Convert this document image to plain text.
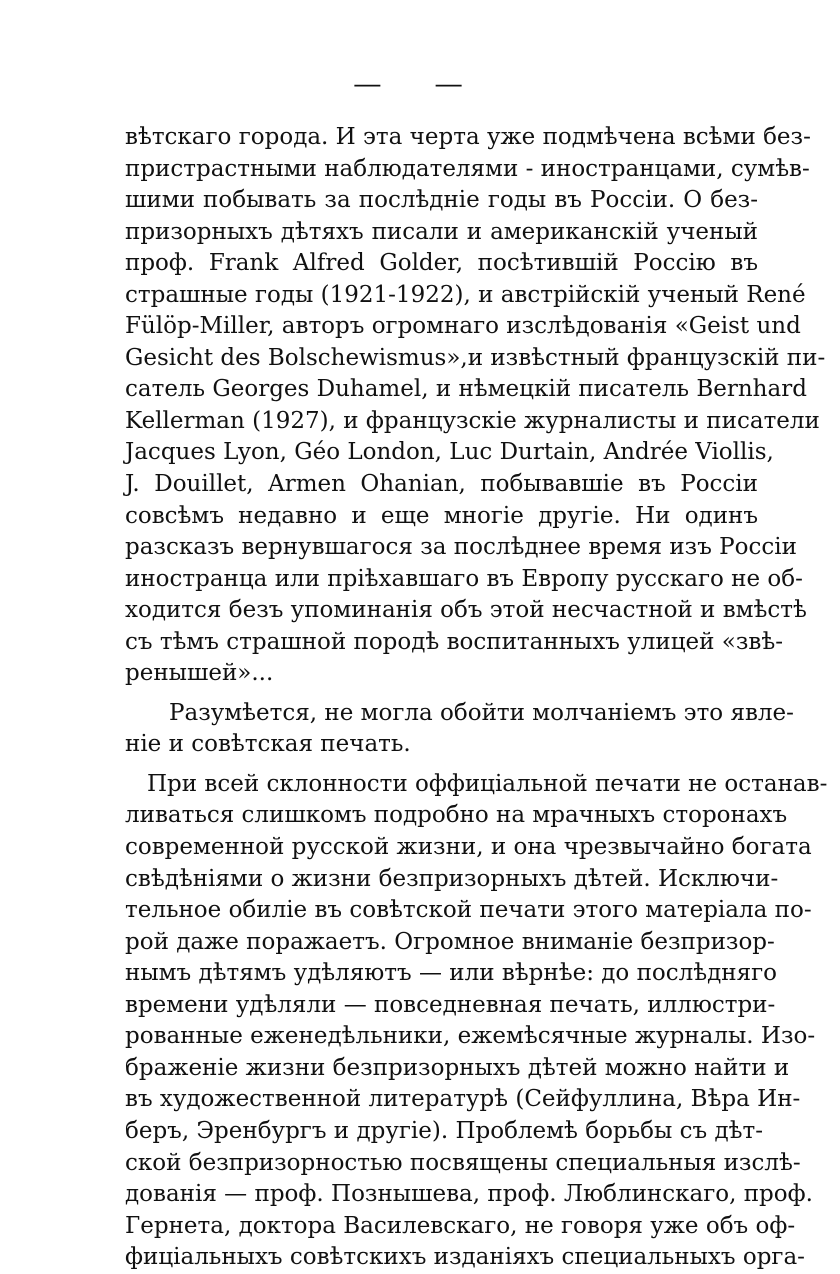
— —
вѣтскаго города. И эта черта уже подмѣчена всѣми без-
пристрастными наблюдателями - иностранцами, сумѣв-
шими побывать за послѣднiе годы въ Россiи. О без-
призорныхъ дѣтяхъ писали и американскiй ученый
проф. Frank Alfred Golder, посѣтившiй Россiю въ
страшные годы (1921-1922), и австрiйскiй ученый René
Fülöp-Miller, авторъ огромнаго изслѣдованiя «Geist und
Gesicht des Bolschewismus»,и извѣстный французскiй пи-
сатель Georges Duhamel, и нѣмецкiй писатель Bernhard
Kellerman (1927), и французскiе журналисты и писатели
Jacques Lyon, Géo London, Luc Durtain, Andrée Viollis,
J. Douillet, Armen Ohanian, побывавшiе въ Россiи
совсѣмъ недавно и еще многiе другiе. Ни одинъ
разсказъ вернувшагося за послѣднее время изъ Россiи
иностранца или прiѣхавшаго въ Европу русскаго не об-
ходится безъ упоминанiя объ этой несчастной и вмѣстѣ
съ тѣмъ страшной породѣ воспитанныхъ улицей «звѣ-
ренышей»...
Разумѣется, не могла обойти молчанiемъ это явле-
нiе и совѣтская печать.
При всей склонности оффицiальной печати не останав-
ливаться слишкомъ подробно на мрачныхъ сторонахъ
современной русской жизни, и она чрезвычайно богата
свѣдѣнiями о жизни безпризорныхъ дѣтей. Исключи-
тельное обилiе въ совѣтской печати этого матерiала по-
рой даже поражаетъ. Огромное вниманiе безпризор-
нымъ дѣтямъ удѣляютъ — или вѣрнѣе: до послѣдняго
времени удѣляли — повседневная печать, иллюстри-
рованные еженедѣльники, ежемѣсячные журналы. Изо-
браженiе жизни безпризорныхъ дѣтей можно найти и
въ художественной литературѣ (Сейфуллина, Вѣра Ин-
беръ, Эренбургъ и другiе). Проблемѣ борьбы съ дѣт-
ской безпризорностью посвящены специальныя изслѣ-
дованiя — проф. Познышева, проф. Люблинскаго, проф.
Гернета, доктора Василевскаго, не говоря уже объ оф-
фицiальныхъ совѣтскихъ изданiяхъ специальныхъ орга-
